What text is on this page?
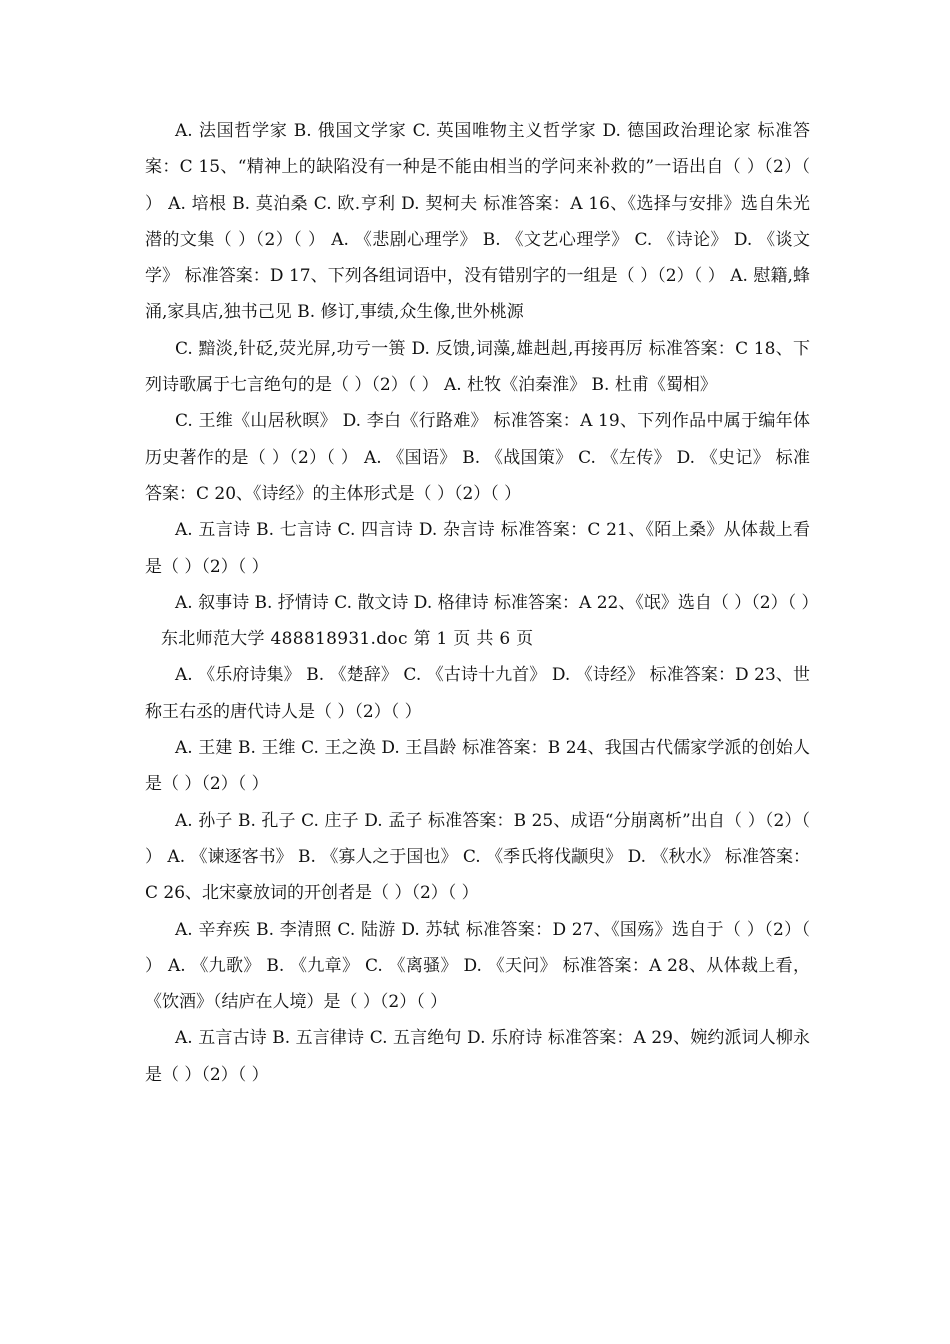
A. 法国哲学家 B. 俄国文学家 C. 英国唯物主义哲学家 D. 德国政治理论家 标准答案：C 15、“精神上的缺陷没有一种是不能由相当的学问来补救的”一语出自（ ）（2）（ ） A. 培根 B. 莫泊桑 C. 欧.亨利 D. 契柯夫 标准答案：A 16、《选择与安排》选自朱光潜的文集（ ）（2）（ ） A. 《悲剧心理学》 B. 《文艺心理学》 C. 《诗论》 D. 《谈文学》 标准答案：D 17、下列各组词语中，没有错别字的一组是（ ）（2）（ ） A. 慰籍,蜂涌,家具店,独书己见 B. 修订,事绩,众生像,世外桃源

C. 黯淡,针砭,荧光屏,功亏一篑 D. 反馈,词藻,雄赳赳,再接再厉 标准答案：C 18、下列诗歌属于七言绝句的是（ ）（2）（ ） A. 杜牧《泊秦淮》 B. 杜甫《蜀相》

C. 王维《山居秋暝》 D. 李白《行路难》 标准答案：A 19、下列作品中属于编年体历史著作的是（ ）（2）（ ） A. 《国语》 B. 《战国策》 C. 《左传》 D. 《史记》 标准答案：C 20、《诗经》的主体形式是（ ）（2）（ ）

A. 五言诗 B. 七言诗 C. 四言诗 D. 杂言诗 标准答案：C 21、《陌上桑》从体裁上看是（ ）（2）（ ）

A. 叙事诗 B. 抒情诗 C. 散文诗 D. 格律诗 标准答案：A 22、《氓》选自（ ）（2）（ ）

东北师范大学 488818931.doc 第 1 页 共 6 页

A. 《乐府诗集》 B. 《楚辞》 C. 《古诗十九首》 D. 《诗经》 标准答案：D 23、世称王右丞的唐代诗人是（ ）（2）（ ）

A. 王建 B. 王维 C. 王之涣 D. 王昌龄 标准答案：B 24、我国古代儒家学派的创始人是（ ）（2）（ ）

A. 孙子 B. 孔子 C. 庄子 D. 孟子 标准答案：B 25、成语“分崩离析”出自（ ）（2）（ ） A. 《谏逐客书》 B. 《寡人之于国也》 C. 《季氏将伐颛臾》 D. 《秋水》 标准答案：C 26、北宋豪放词的开创者是（ ）（2）（ ）

A. 辛弃疾 B. 李清照 C. 陆游 D. 苏轼 标准答案：D 27、《国殇》选自于（ ）（2）（ ） A. 《九歌》 B. 《九章》 C. 《离骚》 D. 《天问》 标准答案：A 28、从体裁上看，《饮酒》（结庐在人境）是（ ）（2）（ ）

A. 五言古诗 B. 五言律诗 C. 五言绝句 D. 乐府诗 标准答案：A 29、婉约派词人柳永是（ ）（2）（ ）
